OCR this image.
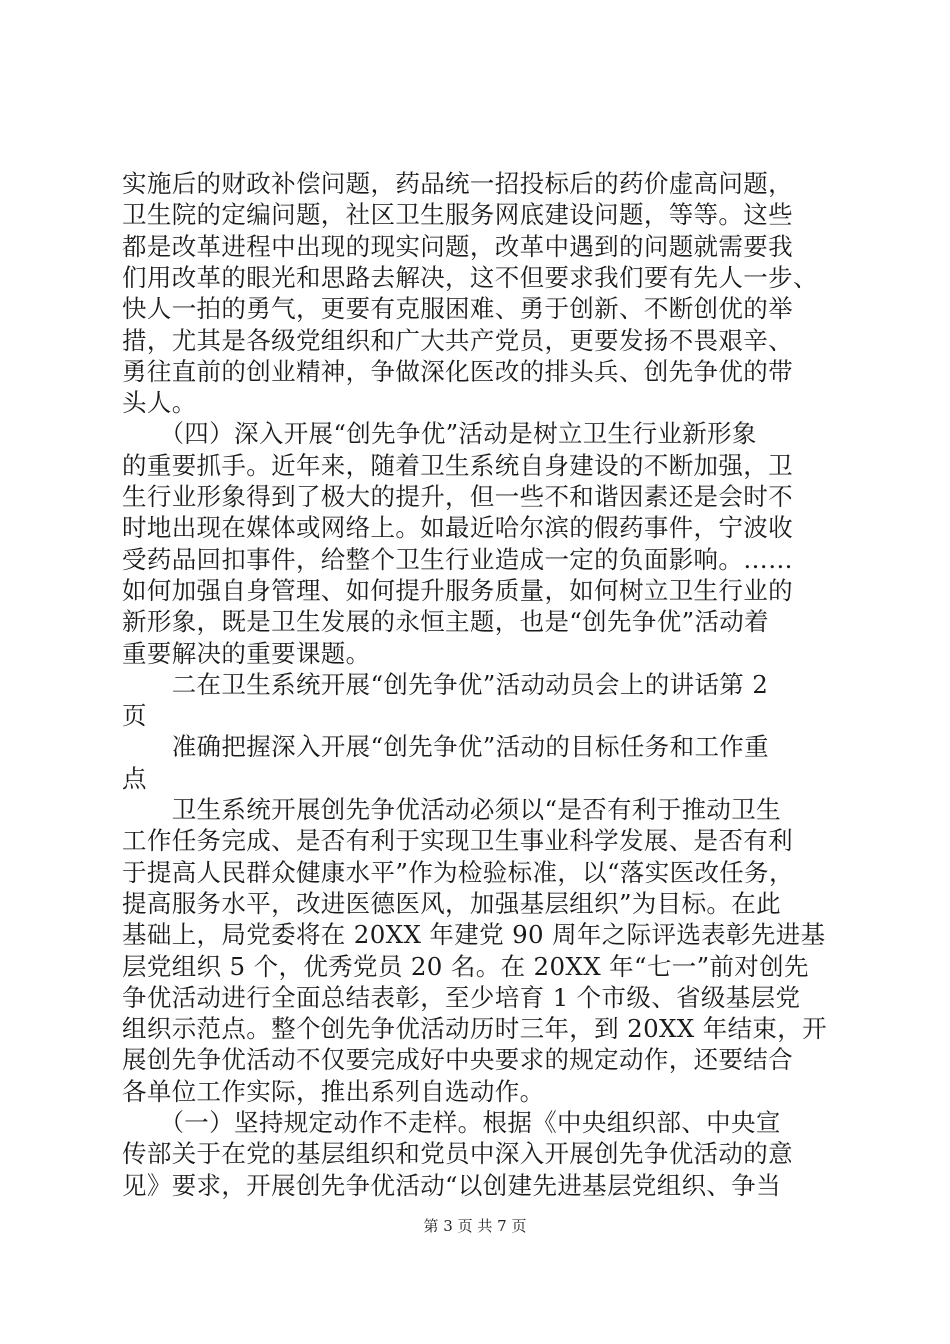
实施后的财政补偿问题，药品统一招投标后的药价虚高问题，
卫生院的定编问题，社区卫生服务网底建设问题，等等。这些
都是改革进程中出现的现实问题，改革中遇到的问题就需要我
们用改革的眼光和思路去解决，这不但要求我们要有先人一步、
快人一拍的勇气，更要有克服困难、勇于创新、不断创优的举
措，尤其是各级党组织和广大共产党员，更要发扬不畏艰辛、
勇往直前的创业精神，争做深化医改的排头兵、创先争优的带
头人。
　　（四）深入开展“创先争优”活动是树立卫生行业新形象
的重要抓手。近年来，随着卫生系统自身建设的不断加强，卫
生行业形象得到了极大的提升，但一些不和谐因素还是会时不
时地出现在媒体或网络上。如最近哈尔滨的假药事件，宁波收
受药品回扣事件，给整个卫生行业造成一定的负面影响。……
如何加强自身管理、如何提升服务质量，如何树立卫生行业的
新形象，既是卫生发展的永恒主题，也是“创先争优”活动着
重要解决的重要课题。
　　二在卫生系统开展“创先争优”活动动员会上的讲话第 2
页
　　准确把握深入开展“创先争优”活动的目标任务和工作重
点
　　卫生系统开展创先争优活动必须以“是否有利于推动卫生
工作任务完成、是否有利于实现卫生事业科学发展、是否有利
于提高人民群众健康水平”作为检验标准，以“落实医改任务，
提高服务水平，改进医德医风，加强基层组织”为目标。在此
基础上，局党委将在 20XX 年建党 90 周年之际评选表彰先进基
层党组织 5 个，优秀党员 20 名。在 20XX 年“七一”前对创先
争优活动进行全面总结表彰，至少培育 1 个市级、省级基层党
组织示范点。整个创先争优活动历时三年，到 20XX 年结束，开
展创先争优活动不仅要完成好中央要求的规定动作，还要结合
各单位工作实际，推出系列自选动作。
　　（一）坚持规定动作不走样。根据《中央组织部、中央宣
传部关于在党的基层组织和党员中深入开展创先争优活动的意
见》要求，开展创先争优活动“以创建先进基层党组织、争当
第 3 页 共 7 页
